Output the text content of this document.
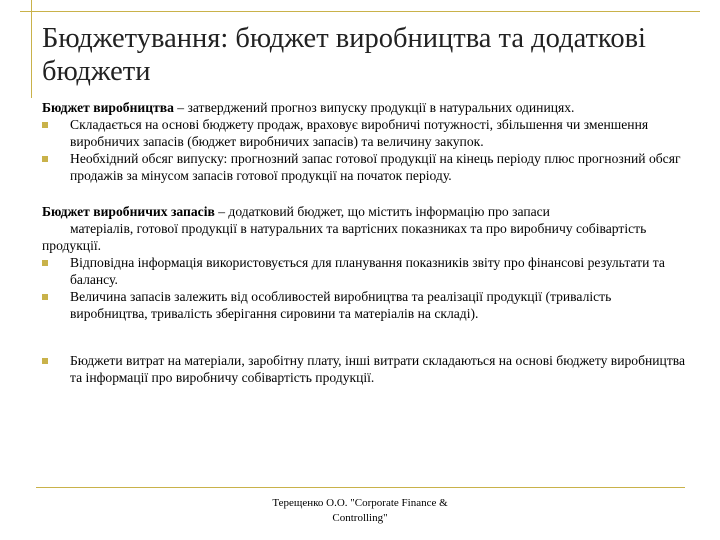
Бюджетування: бюджет виробництва та додаткові бюджети

Бюджет виробництва – затверджений прогноз випуску продукції в натуральних одиницях.

Складається на основі бюджету продаж, враховує виробничі потужності, збільшення чи зменшення виробничих запасів (бюджет виробничих запасів) та величину закупок.
Необхідний обсяг випуску: прогнозний запас готової продукції на кінець періоду плюс прогнозний обсяг продажів за мінусом запасів готової продукції на початок періоду.

Бюджет виробничих запасів – додатковий бюджет, що містить інформацію про запаси
матеріалів, готової продукції в натуральних та вартісних показниках та про виробничу собівартість продукції.

Відповідна інформація використовується для планування показників звіту про фінансові результати та балансу.
Величина запасів залежить від особливостей виробництва та реалізації продукції (тривалість виробництва, тривалість зберігання сировини та матеріалів на складі).
Бюджети витрат на матеріали, заробітну плату, інші витрати складаються на основі бюджету виробництва та інформації про виробничу собівартість продукції.
Терещенко О.О. "Corporate Finance &
Controlling"
